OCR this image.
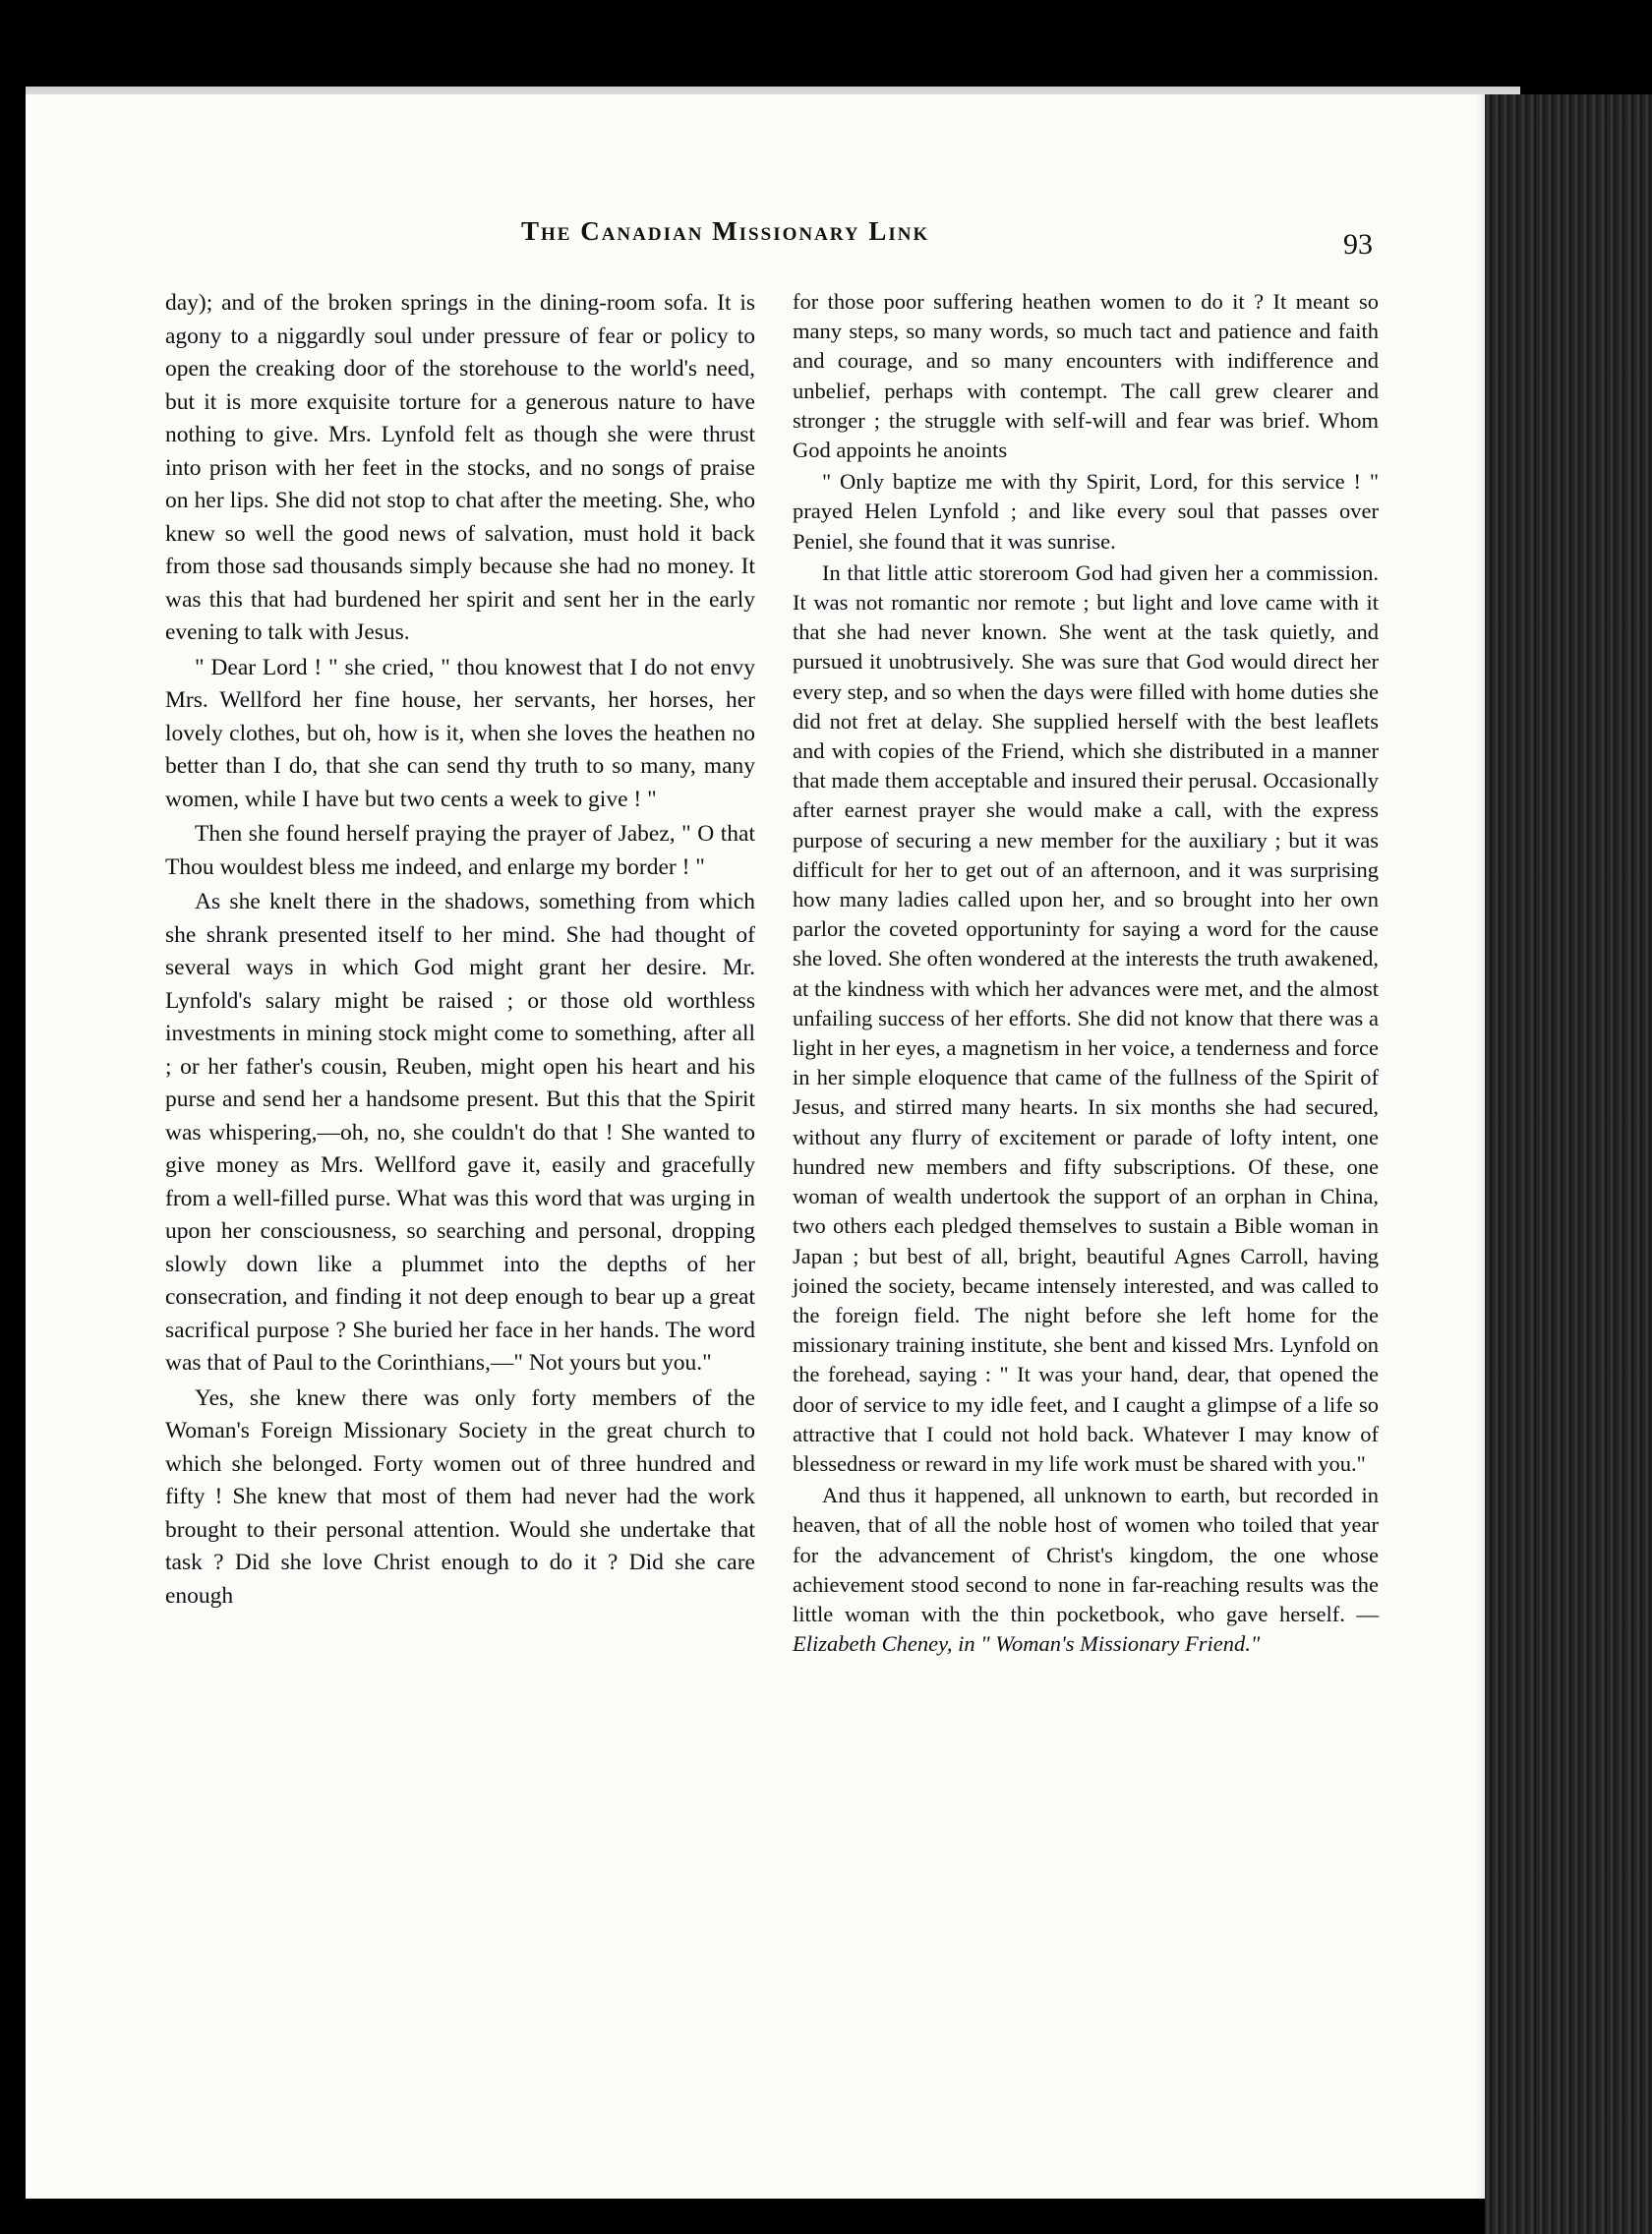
The Canadian Missionary Link	93

day); and of the broken springs in the dining-room sofa. It is agony to a niggardly soul under pressure of fear or policy to open the creaking door of the storehouse to the world's need, but it is more exquisite torture for a generous nature to have nothing to give. Mrs. Lynfold felt as though she were thrust into prison with her feet in the stocks, and no songs of praise on her lips. She did not stop to chat after the meeting. She, who knew so well the good news of salvation, must hold it back from those sad thousands simply because she had no money. It was this that had burdened her spirit and sent her in the early evening to talk with Jesus.

" Dear Lord ! " she cried, " thou knowest that I do not envy Mrs. Wellford her fine house, her servants, her horses, her lovely clothes, but oh, how is it, when she loves the heathen no better than I do, that she can send thy truth to so many, many women, while I have but two cents a week to give ! "

Then she found herself praying the prayer of Jabez, " O that Thou wouldest bless me indeed, and enlarge my border ! "

As she knelt there in the shadows, something from which she shrank presented itself to her mind. She had thought of several ways in which God might grant her desire. Mr. Lynfold's salary might be raised ; or those old worthless investments in mining stock might come to something, after all ; or her father's cousin, Reuben, might open his heart and his purse and send her a handsome present. But this that the Spirit was whispering,—oh, no, she couldn't do that ! She wanted to give money as Mrs. Wellford gave it, easily and gracefully from a well-filled purse. What was this word that was urging in upon her consciousness, so searching and personal, dropping slowly down like a plummet into the depths of her consecration, and finding it not deep enough to bear up a great sacrifical purpose ? She buried her face in her hands. The word was that of Paul to the Corinthians,—" Not yours but you."

Yes, she knew there was only forty members of the Woman's Foreign Missionary Society in the great church to which she belonged. Forty women out of three hundred and fifty ! She knew that most of them had never had the work brought to their personal attention. Would she undertake that task ? Did she love Christ enough to do it ? Did she care enough

for those poor suffering heathen women to do it ? It meant so many steps, so many words, so much tact and patience and faith and courage, and so many encounters with indifference and unbelief, perhaps with contempt. The call grew clearer and stronger ; the struggle with self-will and fear was brief. Whom God appoints he anoints

" Only baptize me with thy Spirit, Lord, for this service ! " prayed Helen Lynfold ; and like every soul that passes over Peniel, she found that it was sunrise.

In that little attic storeroom God had given her a commission. It was not romantic nor remote ; but light and love came with it that she had never known. She went at the task quietly, and pursued it unobtrusively. She was sure that God would direct her every step, and so when the days were filled with home duties she did not fret at delay. She supplied herself with the best leaflets and with copies of the Friend, which she distributed in a manner that made them acceptable and insured their perusal. Occasionally after earnest prayer she would make a call, with the express purpose of securing a new member for the auxiliary ; but it was difficult for her to get out of an afternoon, and it was surprising how many ladies called upon her, and so brought into her own parlor the coveted opportuninty for saying a word for the cause she loved. She often wondered at the interests the truth awakened, at the kindness with which her advances were met, and the almost unfailing success of her efforts. She did not know that there was a light in her eyes, a magnetism in her voice, a tenderness and force in her simple eloquence that came of the fullness of the Spirit of Jesus, and stirred many hearts. In six months she had secured, without any flurry of excitement or parade of lofty intent, one hundred new members and fifty subscriptions. Of these, one woman of wealth undertook the support of an orphan in China, two others each pledged themselves to sustain a Bible woman in Japan ; but best of all, bright, beautiful Agnes Carroll, having joined the society, became intensely interested, and was called to the foreign field. The night before she left home for the missionary training institute, she bent and kissed Mrs. Lynfold on the forehead, saying : " It was your hand, dear, that opened the door of service to my idle feet, and I caught a glimpse of a life so attractive that I could not hold back. Whatever I may know of blessedness or reward in my life work must be shared with you."

And thus it happened, all unknown to earth, but recorded in heaven, that of all the noble host of women who toiled that year for the advancement of Christ's kingdom, the one whose achievement stood second to none in far-reaching results was the little woman with the thin pocketbook, who gave herself. — Elizabeth Cheney, in " Woman's Missionary Friend."
